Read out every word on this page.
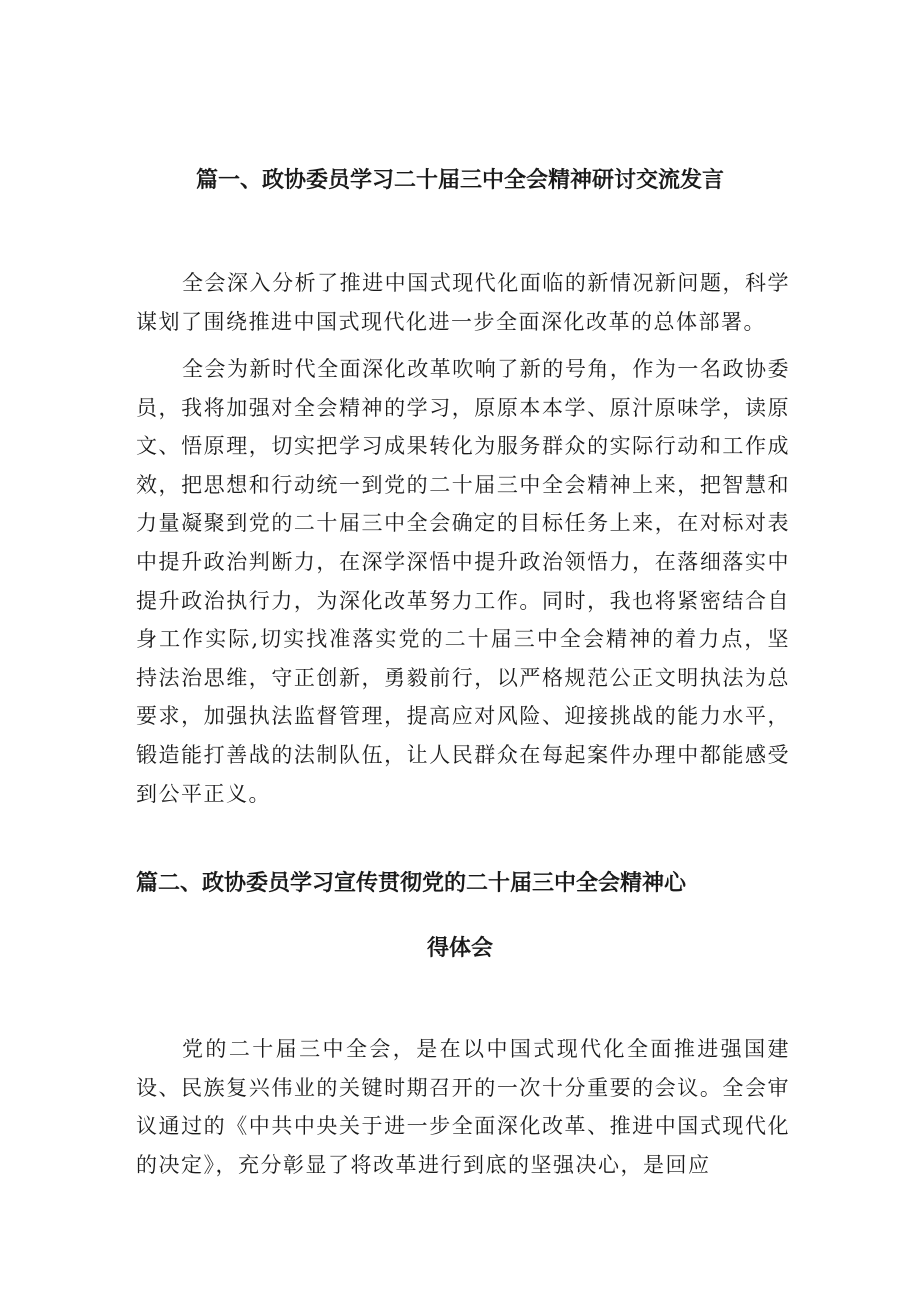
篇一、政协委员学习二十届三中全会精神研讨交流发言

全会深入分析了推进中国式现代化面临的新情况新问题，科学谋划了围绕推进中国式现代化进一步全面深化改革的总体部署。

全会为新时代全面深化改革吹响了新的号角，作为一名政协委员，我将加强对全会精神的学习，原原本本学、原汁原味学，读原文、悟原理，切实把学习成果转化为服务群众的实际行动和工作成效，把思想和行动统一到党的二十届三中全会精神上来，把智慧和力量凝聚到党的二十届三中全会确定的目标任务上来，在对标对表中提升政治判断力，在深学深悟中提升政治领悟力，在落细落实中提升政治执行力，为深化改革努力工作。同时，我也将紧密结合自身工作实际,切实找准落实党的二十届三中全会精神的着力点，坚持法治思维，守正创新，勇毅前行，以严格规范公正文明执法为总要求，加强执法监督管理，提高应对风险、迎接挑战的能力水平，锻造能打善战的法制队伍，让人民群众在每起案件办理中都能感受到公平正义。

篇二、政协委员学习宣传贯彻党的二十届三中全会精神心
得体会

党的二十届三中全会，是在以中国式现代化全面推进强国建设、民族复兴伟业的关键时期召开的一次十分重要的会议。全会审议通过的《中共中央关于进一步全面深化改革、推进中国式现代化的决定》，充分彰显了将改革进行到底的坚强决心，是回应
